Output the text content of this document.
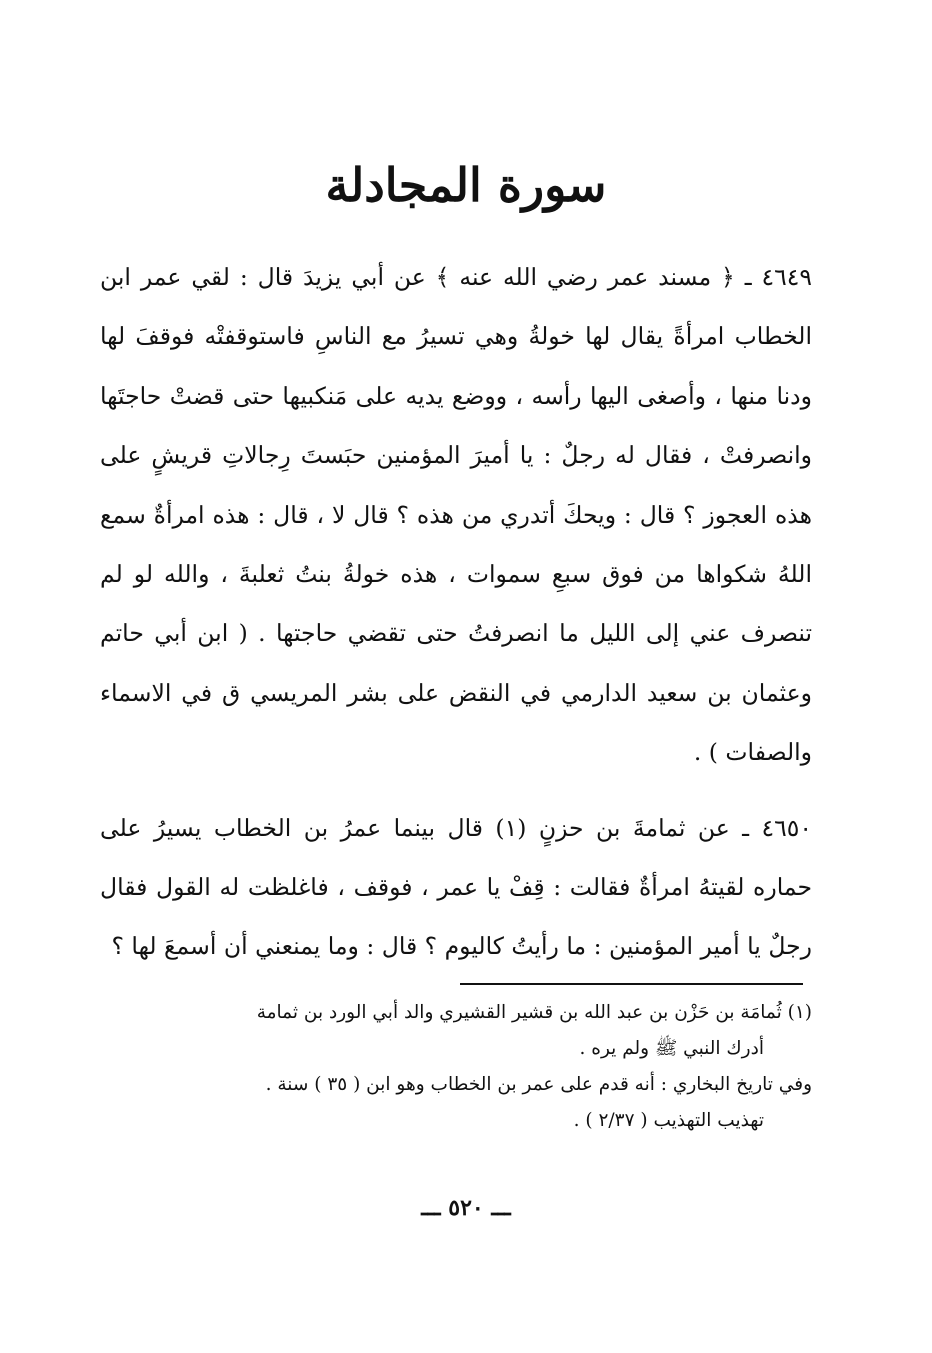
سورة المجادلة

٤٦٤٩ ـ ﴿ مسند عمر رضي الله عنه ﴾ عن أبي يزيدَ قال : لقي عمر ابن الخطاب امرأةً يقال لها خولةُ وهي تسيرُ مع الناسِ فاستوقفتْه فوقفَ لها ودنا منها ، وأصغى اليها رأسه ، ووضع يديه على مَنكبيها حتى قضتْ حاجتَها وانصرفتْ ، فقال له رجلٌ : يا أميرَ المؤمنين حبَستَ رِجالاتِ قريشٍ على هذه العجوز ؟ قال : ويحكَ أتدري من هذه ؟ قال لا ، قال : هذه امرأةٌ سمع اللهُ شكواها من فوق سبعِ سموات ، هذه خولةُ بنتُ ثعلبةَ ، والله لو لم تنصرف عني إلى الليل ما انصرفتُ حتى تقضي حاجتها . ( ابن أبي حاتم وعثمان بن سعيد الدارمي في النقض على بشر المريسي ق في الاسماء والصفات ) .

٤٦٥٠ ـ عن ثمامةَ بن حزنٍ (١) قال بينما عمرُ بن الخطاب يسيرُ على حماره لقيتهُ امرأةٌ فقالت : قِفْ يا عمر ، فوقف ، فاغلظت له القول فقال رجلٌ يا أمير المؤمنين : ما رأيتُ كاليوم ؟ قال : وما يمنعني أن أسمعَ لها ؟

(١) ثُمامَة بن حَزْن بن عبد الله بن قشير القشيري والد أبي الورد بن ثمامة

أدرك النبي ﷺ ولم يره .

وفي تاريخ البخاري : أنه قدم على عمر بن الخطاب وهو ابن ( ٣٥ ) سنة .

تهذيب التهذيب ( ٢/٣٧ ) .

ـــ ٥٢٠ ـــ
